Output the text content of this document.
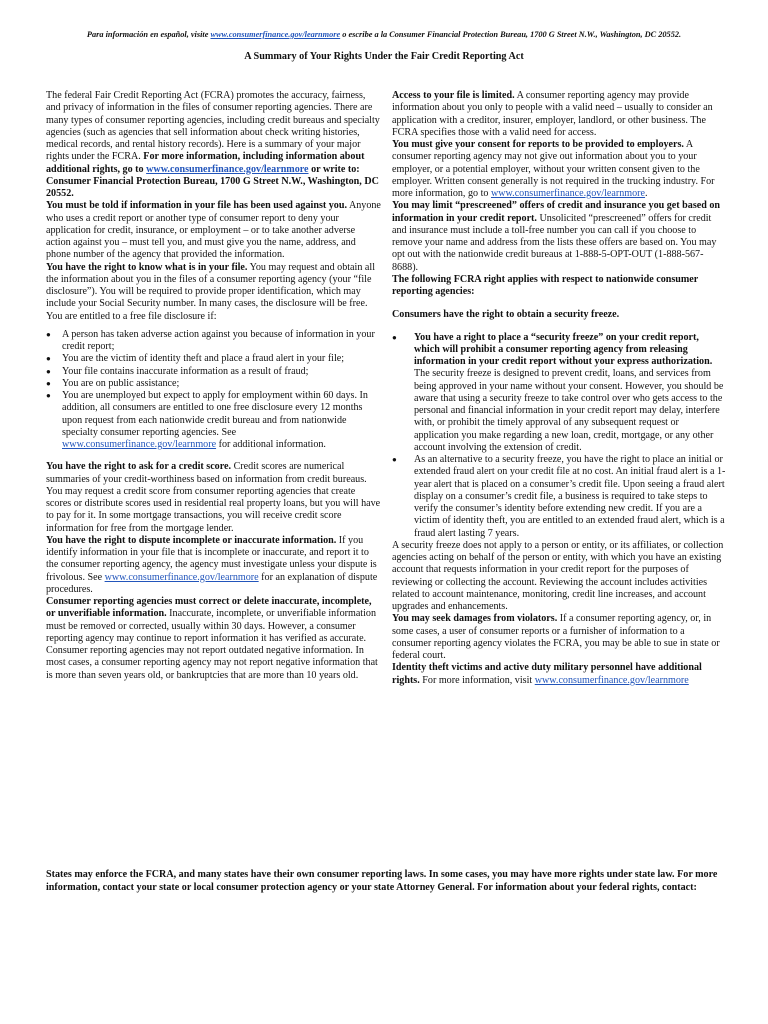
Para información en español, visite www.consumerfinance.gov/learnmore o escribe a la Consumer Financial Protection Bureau, 1700 G Street N.W., Washington, DC 20552.
A Summary of Your Rights Under the Fair Credit Reporting Act

The federal Fair Credit Reporting Act (FCRA) promotes the accuracy, fairness, and privacy of information in the files of consumer reporting agencies. There are many types of consumer reporting agencies, including credit bureaus and specialty agencies (such as agencies that sell information about check writing histories, medical records, and rental history records). Here is a summary of your major rights under the FCRA. For more information, including information about additional rights, go to www.consumerfinance.gov/learnmore or write to:

Consumer Financial Protection Bureau, 1700 G Street N.W., Washington, DC 20552.

You must be told if information in your file has been used against you. Anyone who uses a credit report or another type of consumer report to deny your application for credit, insurance, or employment – or to take another adverse action against you – must tell you, and must give you the name, address, and phone number of the agency that provided the information.

You have the right to know what is in your file. You may request and obtain all the information about you in the files of a consumer reporting agency (your “file disclosure”). You will be required to provide proper identification, which may include your Social Security number. In many cases, the disclosure will be free. You are entitled to a free file disclosure if:

● A person has taken adverse action against you because of information in your credit report;
● You are the victim of identity theft and place a fraud alert in your file;
● Your file contains inaccurate information as a result of fraud;
● You are on public assistance;
● You are unemployed but expect to apply for employment within 60 days. In addition, all consumers are entitled to one free disclosure every 12 months upon request from each nationwide credit bureau and from nationwide specialty consumer reporting agencies. See www.consumerfinance.gov/learnmore for additional information.

You have the right to ask for a credit score. Credit scores are numerical summaries of your credit-worthiness based on information from credit bureaus. You may request a credit score from consumer reporting agencies that create scores or distribute scores used in residential real property loans, but you will have to pay for it. In some mortgage transactions, you will receive credit score information for free from the mortgage lender.

You have the right to dispute incomplete or inaccurate information. If you identify information in your file that is incomplete or inaccurate, and report it to the consumer reporting agency, the agency must investigate unless your dispute is frivolous. See www.consumerfinance.gov/learnmore for an explanation of dispute procedures.

Consumer reporting agencies must correct or delete inaccurate, incomplete, or unverifiable information. Inaccurate, incomplete, or unverifiable information must be removed or corrected, usually within 30 days. However, a consumer reporting agency may continue to report information it has verified as accurate. Consumer reporting agencies may not report outdated negative information. In most cases, a consumer reporting agency may not report negative information that is more than seven years old, or bankruptcies that are more than 10 years old.

Access to your file is limited. A consumer reporting agency may provide information about you only to people with a valid need – usually to consider an application with a creditor, insurer, employer, landlord, or other business. The FCRA specifies those with a valid need for access.

You must give your consent for reports to be provided to employers. A consumer reporting agency may not give out information about you to your employer, or a potential employer, without your written consent given to the employer. Written consent generally is not required in the trucking industry. For more information, go to www.consumerfinance.gov/learnmore.

You may limit “prescreened” offers of credit and insurance you get based on information in your credit report. Unsolicited “prescreened” offers for credit and insurance must include a toll-free number you can call if you choose to remove your name and address from the lists these offers are based on. You may opt out with the nationwide credit bureaus at 1-888-5-OPT-OUT (1-888-567-8688).

The following FCRA right applies with respect to nationwide consumer reporting agencies:

Consumers have the right to obtain a security freeze.

● You have a right to place a “security freeze” on your credit report, which will prohibit a consumer reporting agency from releasing information in your credit report without your express authorization. The security freeze is designed to prevent credit, loans, and services from being approved in your name without your consent. However, you should be aware that using a security freeze to take control over who gets access to the personal and financial information in your credit report may delay, interfere with, or prohibit the timely approval of any subsequent request or application you make regarding a new loan, credit, mortgage, or any other account involving the extension of credit.
● As an alternative to a security freeze, you have the right to place an initial or extended fraud alert on your credit file at no cost. An initial fraud alert is a 1-year alert that is placed on a consumer’s credit file. Upon seeing a fraud alert display on a consumer’s credit file, a business is required to take steps to verify the consumer’s identity before extending new credit. If you are a victim of identity theft, you are entitled to an extended fraud alert, which is a fraud alert lasting 7 years.

A security freeze does not apply to a person or entity, or its affiliates, or collection agencies acting on behalf of the person or entity, with which you have an existing account that requests information in your credit report for the purposes of reviewing or collecting the account. Reviewing the account includes activities related to account maintenance, monitoring, credit line increases, and account upgrades and enhancements.

You may seek damages from violators. If a consumer reporting agency, or, in some cases, a user of consumer reports or a furnisher of information to a consumer reporting agency violates the FCRA, you may be able to sue in state or federal court.

Identity theft victims and active duty military personnel have additional rights. For more information, visit www.consumerfinance.gov/learnmore

States may enforce the FCRA, and many states have their own consumer reporting laws. In some cases, you may have more rights under state law. For more information, contact your state or local consumer protection agency or your state Attorney General. For information about your federal rights, contact:
